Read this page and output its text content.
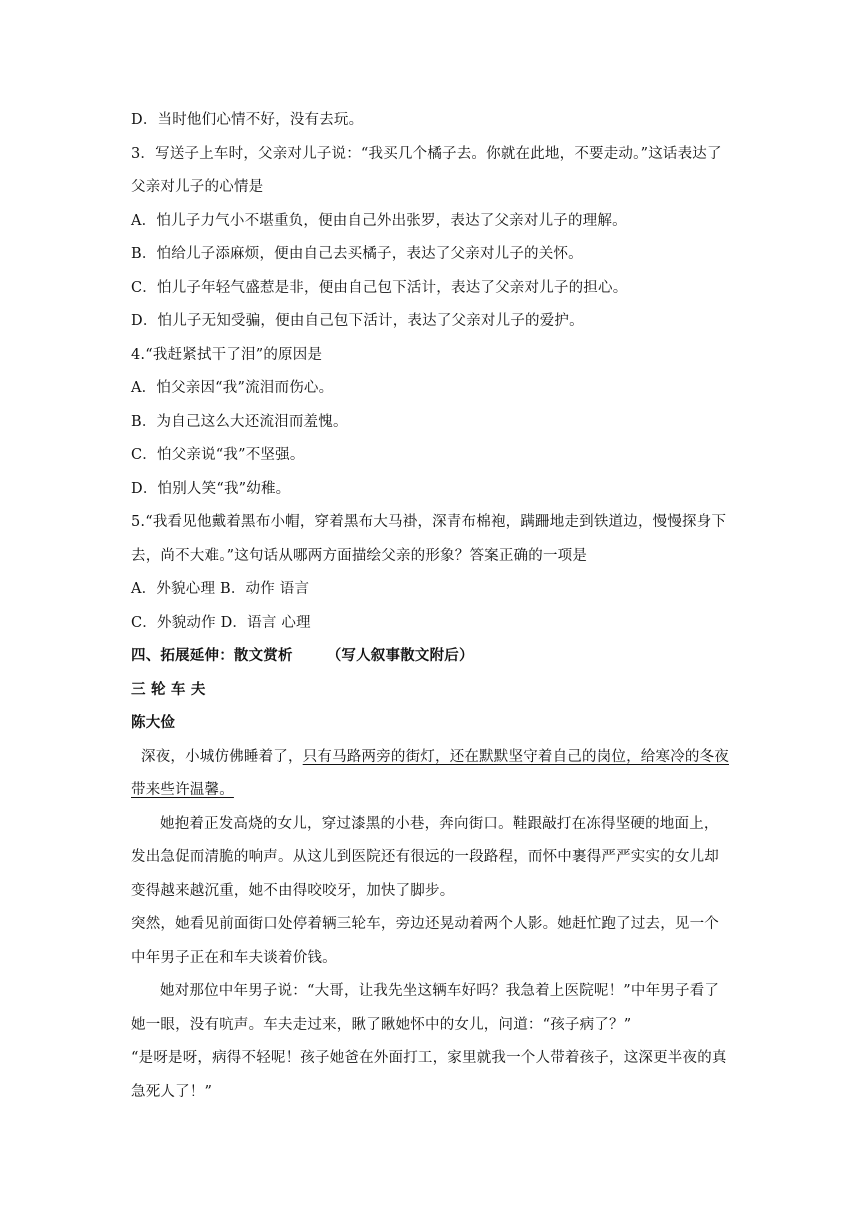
D．当时他们心情不好，没有去玩。

3．写送子上车时，父亲对儿子说：“我买几个橘子去。你就在此地，不要走动。”这话表达了父亲对儿子的心情是

A．怕儿子力气小不堪重负，便由自己外出张罗，表达了父亲对儿子的理解。

B．怕给儿子添麻烦，便由自己去买橘子，表达了父亲对儿子的关怀。

C．怕儿子年轻气盛惹是非，便由自己包下活计，表达了父亲对儿子的担心。

D．怕儿子无知受骗，便由自己包下活计，表达了父亲对儿子的爱护。

4.“我赶紧拭干了泪”的原因是

A．怕父亲因“我”流泪而伤心。

B．为自己这么大还流泪而羞愧。

C．怕父亲说“我”不坚强。

D．怕别人笑“我”幼稚。

5.“我看见他戴着黑布小帽，穿着黑布大马褂，深青布棉袍，蹒跚地走到铁道边，慢慢探身下去，尚不大难。”这句话从哪两方面描绘父亲的形象？答案正确的一项是

A．外貌心理 B．动作 语言

C．外貌动作 D．语言 心理

四、拓展延伸：散文赏析 （写人叙事散文附后）

三 轮 车 夫

陈大俭

深夜，小城仿佛睡着了，只有马路两旁的街灯，还在默默坚守着自己的岗位，给寒冷的冬夜带来些许温馨。

她抱着正发高烧的女儿，穿过漆黑的小巷，奔向街口。鞋跟敲打在冻得坚硬的地面上，发出急促而清脆的响声。从这儿到医院还有很远的一段路程，而怀中裹得严严实实的女儿却变得越来越沉重，她不由得咬咬牙，加快了脚步。

突然，她看见前面街口处停着辆三轮车，旁边还晃动着两个人影。她赶忙跑了过去，见一个中年男子正在和车夫谈着价钱。

她对那位中年男子说：“大哥，让我先坐这辆车好吗？我急着上医院呢！”中年男子看了她一眼，没有吭声。车夫走过来，瞅了瞅她怀中的女儿，问道：“孩子病了？”

“是呀是呀，病得不轻呢！孩子她爸在外面打工，家里就我一个人带着孩子，这深更半夜的真急死人了！”
